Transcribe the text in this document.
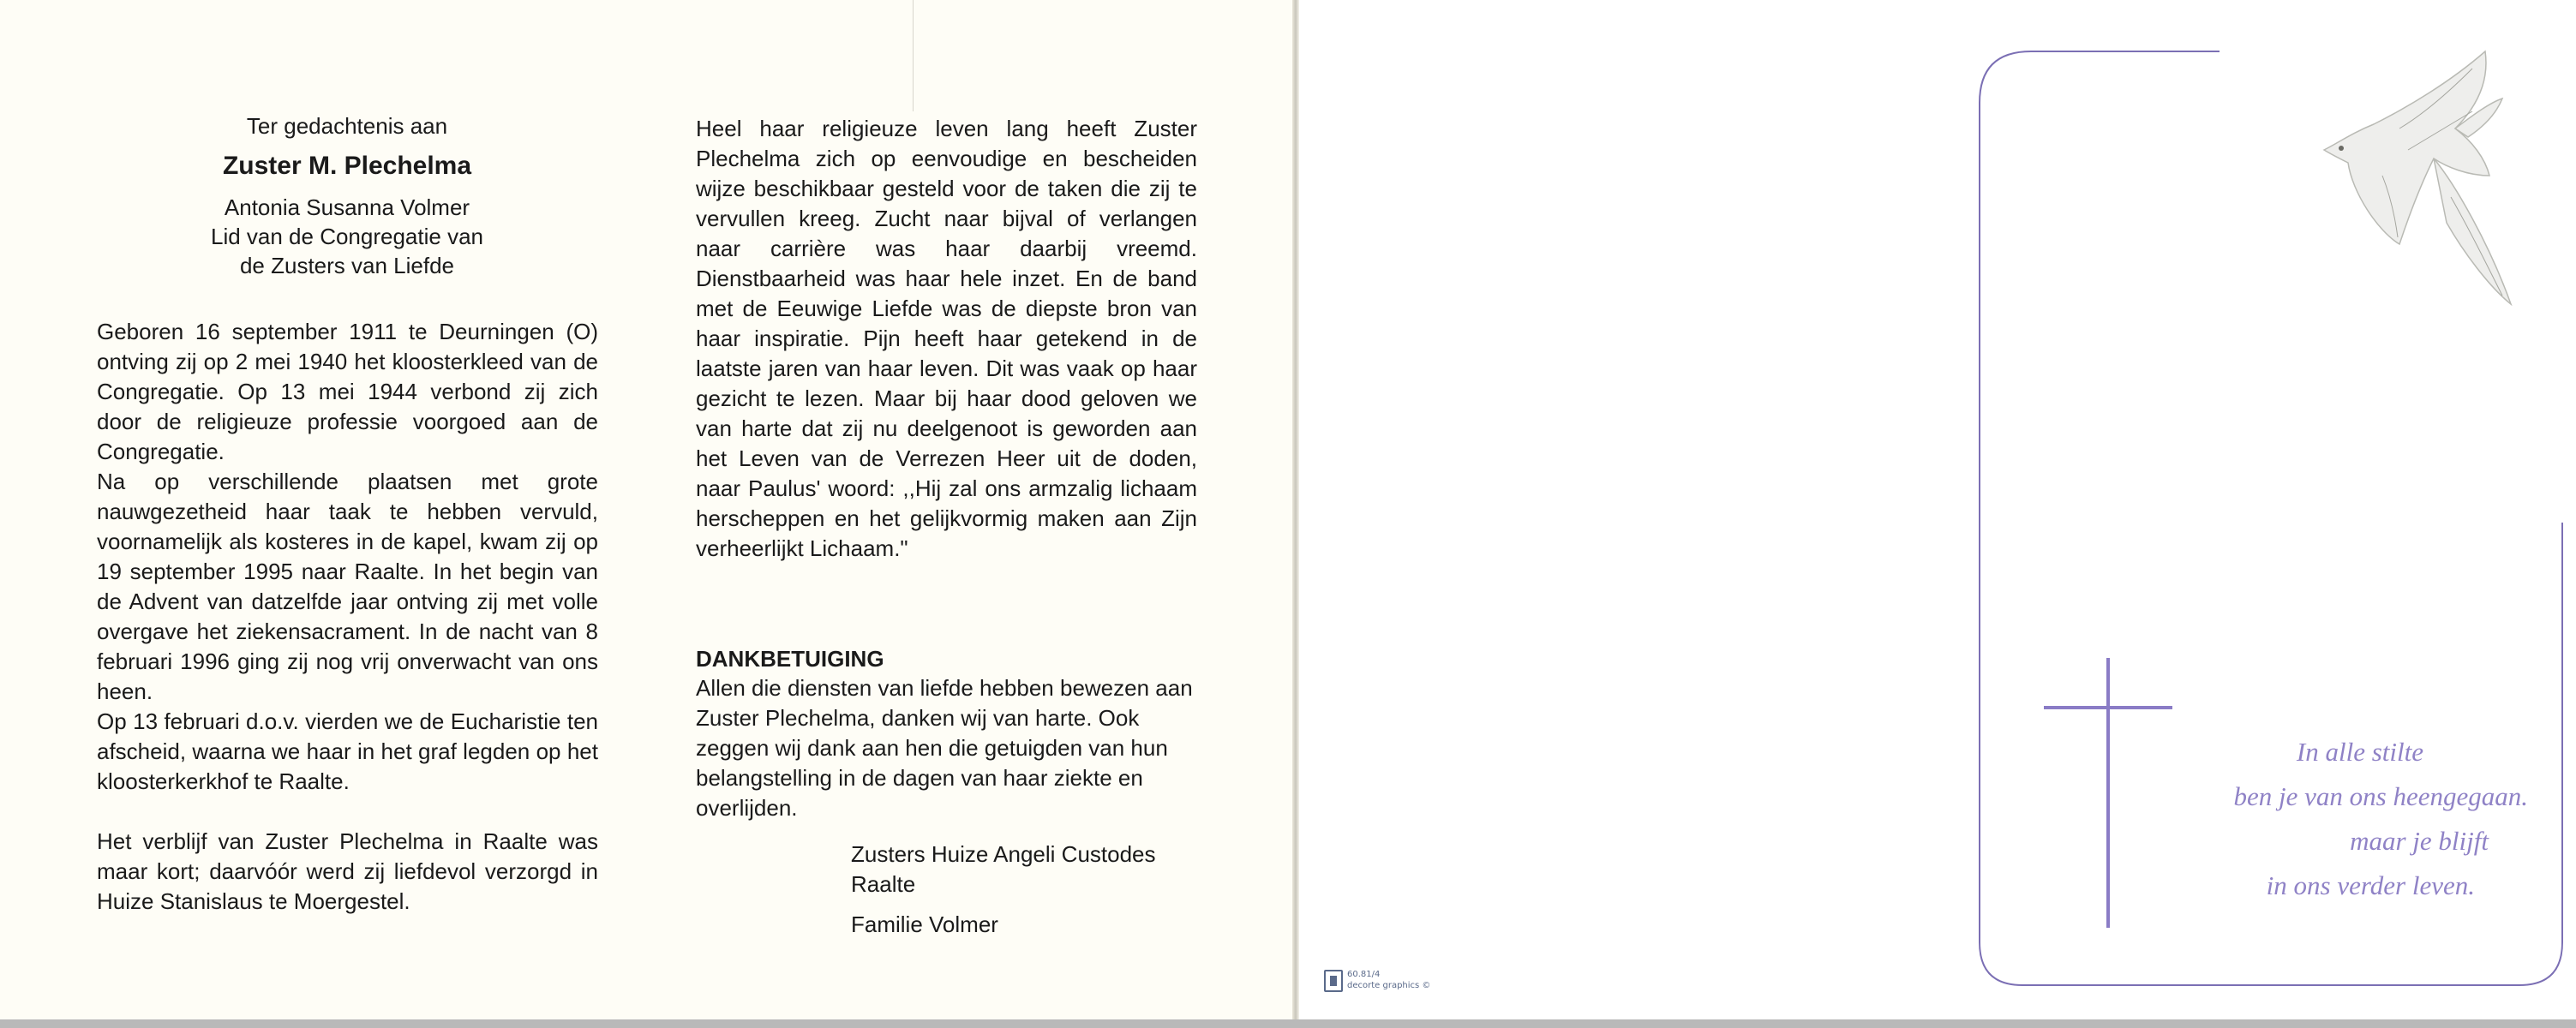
Ter gedachtenis aan
Zuster M. Plechelma
Antonia Susanna Volmer
Lid van de Congregatie van
de Zusters van Liefde

Geboren 16 september 1911 te Deurningen (O) ontving zij op 2 mei 1940 het kloosterkleed van de Congregatie. Op 13 mei 1944 verbond zij zich door de religieuze professie voorgoed aan de Congregatie.

Na op verschillende plaatsen met grote nauwgezetheid haar taak te hebben vervuld, voornamelijk als kosteres in de kapel, kwam zij op 19 september 1995 naar Raalte. In het begin van de Advent van datzelfde jaar ontving zij met volle overgave het ziekensacrament. In de nacht van 8 februari 1996 ging zij nog vrij onverwacht van ons heen.

Op 13 februari d.o.v. vierden we de Eucharistie ten afscheid, waarna we haar in het graf legden op het kloosterkerkhof te Raalte.

Het verblijf van Zuster Plechelma in Raalte was maar kort; daarvóór werd zij liefdevol verzorgd in Huize Stanislaus te Moergestel.

Heel haar religieuze leven lang heeft Zuster Plechelma zich op eenvoudige en bescheiden wijze beschikbaar gesteld voor de taken die zij te vervullen kreeg. Zucht naar bijval of verlangen naar carrière was haar daarbij vreemd. Dienstbaarheid was haar hele inzet. En de band met de Eeuwige Liefde was de diepste bron van haar inspiratie. Pijn heeft haar getekend in de laatste jaren van haar leven. Dit was vaak op haar gezicht te lezen. Maar bij haar dood geloven we van harte dat zij nu deelgenoot is geworden aan het Leven van de Verrezen Heer uit de doden, naar Paulus' woord: ,,Hij zal ons armzalig lichaam herscheppen en het gelijkvormig maken aan Zijn verheerlijkt Lichaam."

DANKBETUIGING

Allen die diensten van liefde hebben bewezen aan Zuster Plechelma, danken wij van harte. Ook zeggen wij dank aan hen die getuigden van hun belangstelling in de dagen van haar ziekte en overlijden.

Zusters Huize Angeli Custodes

Raalte

Familie Volmer

60.81/4
decorte graphics ©
In alle stilte
ben je van ons heengegaan.
maar je blijft
in ons verder leven.
